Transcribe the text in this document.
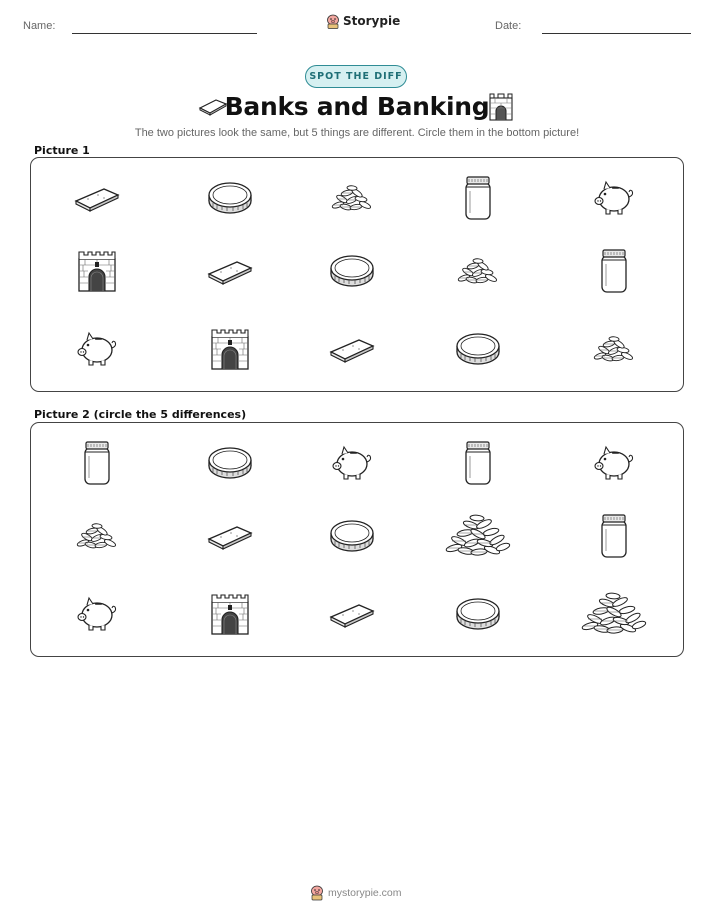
Name:	Storypie	Date:
SPOT THE DIFF
Banks and Banking
The two pictures look the same, but 5 things are different. Circle them in the bottom picture!
Picture 1
Picture 2 (circle the 5 differences)
mystorypie.com
